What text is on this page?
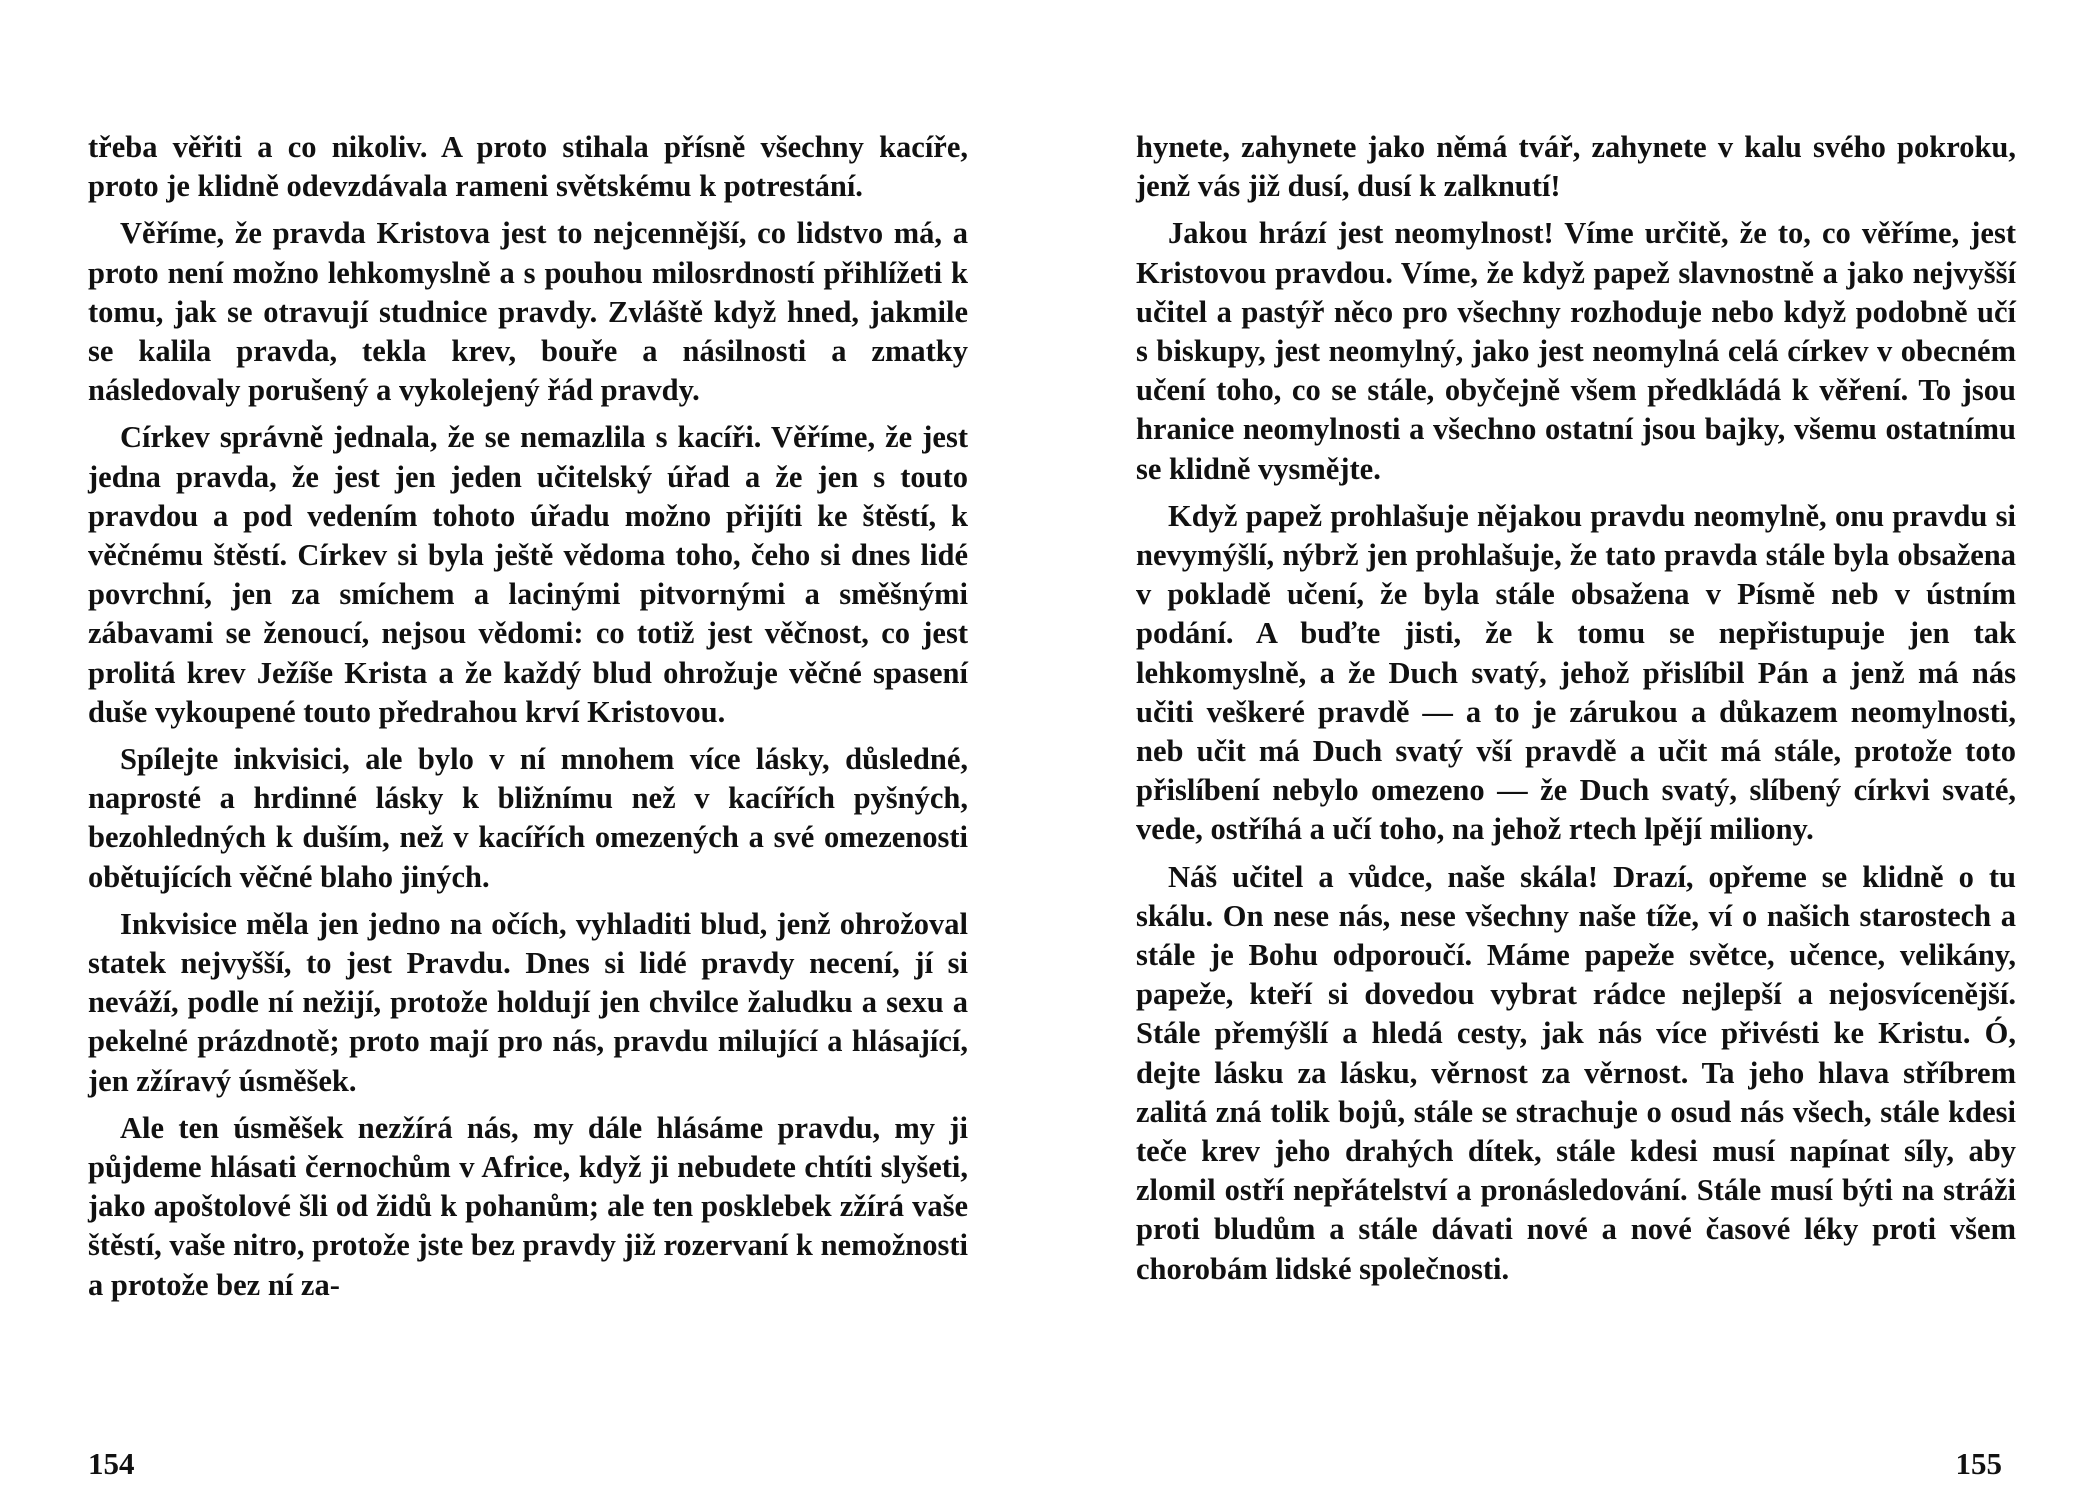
třeba věřiti a co nikoliv. A proto stihala přísně všechny kacíře, proto je klidně odevzdávala rameni světskému k potrestání.

Věříme, že pravda Kristova jest to nejcennější, co lidstvo má, a proto není možno lehkomyslně a s pouhou milosrdností přihlížeti k tomu, jak se otravují studnice pravdy. Zvláště když hned, jakmile se kalila pravda, tekla krev, bouře a násilnosti a zmatky následovaly porušený a vykolejený řád pravdy.

Církev správně jednala, že se nemazlila s kacíři. Věříme, že jest jedna pravda, že jest jen jeden učitelský úřad a že jen s touto pravdou a pod vedením tohoto úřadu možno přijíti ke štěstí, k věčnému štěstí. Církev si byla ještě vědoma toho, čeho si dnes lidé povrchní, jen za smíchem a lacinými pitvornými a směšnými zábavami se ženoucí, nejsou vědomi: co totiž jest věčnost, co jest prolitá krev Ježíše Krista a že každý blud ohrožuje věčné spasení duše vykoupené touto předrahou krví Kristovou.

Spílejte inkvisici, ale bylo v ní mnohem více lásky, důsledné, naprosté a hrdinné lásky k bližnímu než v kacířích pyšných, bezohledných k duším, než v kacířích omezených a své omezenosti obětujících věčné blaho jiných.

Inkvisice měla jen jedno na očích, vyhladiti blud, jenž ohrožoval statek nejvyšší, to jest Pravdu. Dnes si lidé pravdy necení, jí si neváží, podle ní nežijí, protože holdují jen chvilce žaludku a sexu a pekelné prázdnotě; proto mají pro nás, pravdu milující a hlásající, jen zžíravý úsměšek.

Ale ten úsměšek nezžírá nás, my dále hlásáme pravdu, my ji půjdeme hlásati černochům v Africe, když ji nebudete chtíti slyšeti, jako apoštolové šli od židů k pohanům; ale ten posklebek zžírá vaše štěstí, vaše nitro, protože jste bez pravdy již rozervaní k nemožnosti a protože bez ní za-

154

hynete, zahynete jako němá tvář, zahynete v kalu svého pokroku, jenž vás již dusí, dusí k zalknutí!

Jakou hrází jest neomylnost! Víme určitě, že to, co věříme, jest Kristovou pravdou. Víme, že když papež slavnostně a jako nejvyšší učitel a pastýř něco pro všechny rozhoduje nebo když podobně učí s biskupy, jest neomylný, jako jest neomylná celá církev v obecném učení toho, co se stále, obyčejně všem předkládá k věření. To jsou hranice neomylnosti a všechno ostatní jsou bajky, všemu ostatnímu se klidně vysmějte.

Když papež prohlašuje nějakou pravdu neomylně, onu pravdu si nevymýšlí, nýbrž jen prohlašuje, že tato pravda stále byla obsažena v pokladě učení, že byla stále obsažena v Písmě neb v ústním podání. A buďte jisti, že k tomu se nepřistupuje jen tak lehkomyslně, a že Duch svatý, jehož přislíbil Pán a jenž má nás učiti veškeré pravdě — a to je zárukou a důkazem neomylnosti, neb učit má Duch svatý vší pravdě a učit má stále, protože toto přislíbení nebylo omezeno — že Duch svatý, slíbený církvi svaté, vede, ostříhá a učí toho, na jehož rtech lpějí miliony.

Náš učitel a vůdce, naše skála! Drazí, opřeme se klidně o tu skálu. On nese nás, nese všechny naše tíže, ví o našich starostech a stále je Bohu odporoučí. Máme papeže světce, učence, velikány, papeže, kteří si dovedou vybrat rádce nejlepší a nejosvícenější. Stále přemýšlí a hledá cesty, jak nás více přivésti ke Kristu. Ó, dejte lásku za lásku, věrnost za věrnost. Ta jeho hlava stříbrem zalitá zná tolik bojů, stále se strachuje o osud nás všech, stále kdesi teče krev jeho drahých dítek, stále kdesi musí napínat síly, aby zlomil ostří nepřátelství a pronásledování. Stále musí býti na stráži proti bludům a stále dávati nové a nové časové léky proti všem chorobám lidské společnosti.

155
